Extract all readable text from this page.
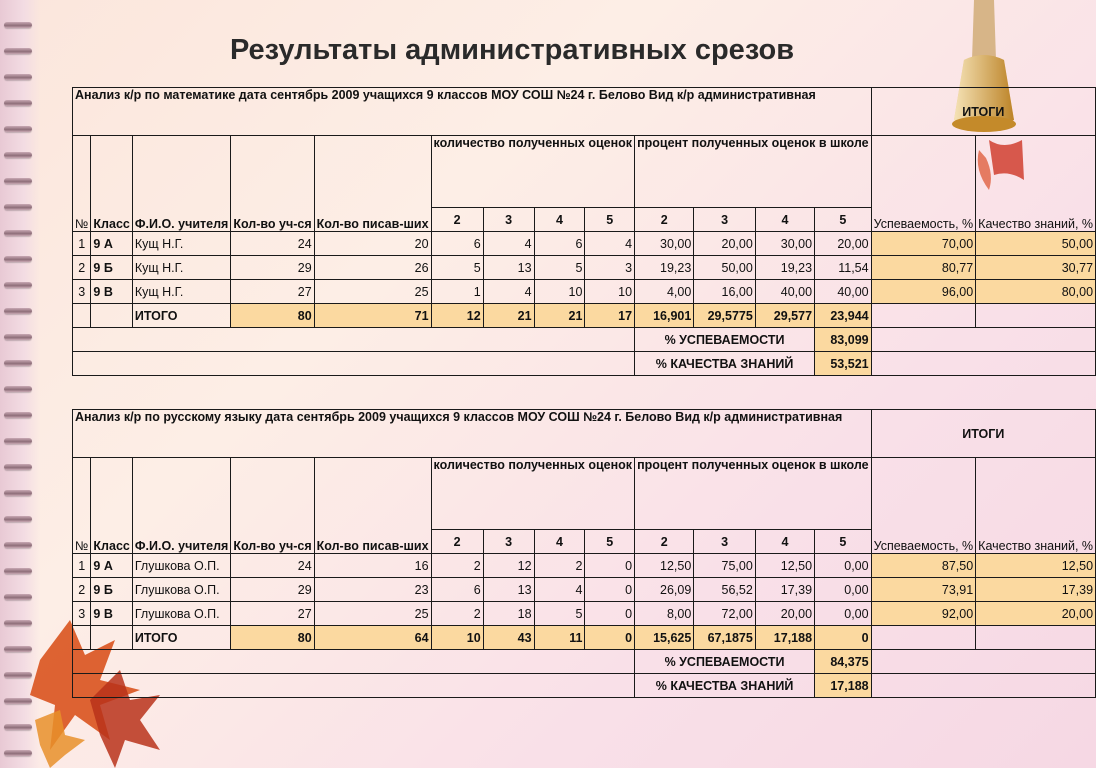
Результаты административных срезов
Анализ к/р по математике дата сентябрь 2009 учащихся 9 классов МОУ СОШ №24 г. Белово Вид к/р административная													ИТОГИ	
№	Класс	Ф.И.О. учителя	Кол-во уч-ся	Кол-во писав-ших	количество полученных оценок				процент полученных оценок в школе				Успеваемость, %	Качество знаний, %
					2	3	4	5	2	3	4	5		
1	9 А	Кущ Н.Г.	24	20	6	4	6	4	30,00	20,00	30,00	20,00	70,00	50,00
2	9 Б	Кущ Н.Г.	29	26	5	13	5	3	19,23	50,00	19,23	11,54	80,77	30,77
3	9 В	Кущ Н.Г.	27	25	1	4	10	10	4,00	16,00	40,00	40,00	96,00	80,00
		ИТОГО	80	71	12	21	21	17	16,901	29,5775	29,577	23,944		
									% УСПЕВАЕМОСТИ			83,099		
									% КАЧЕСТВА ЗНАНИЙ			53,521		
Анализ к/р по русскому языку дата сентябрь 2009 учащихся 9 классов МОУ СОШ №24 г. Белово Вид к/р административная													ИТОГИ	
№	Класс	Ф.И.О. учителя	Кол-во уч-ся	Кол-во писав-ших	количество полученных оценок				процент полученных оценок в школе				Успеваемость, %	Качество знаний, %
					2	3	4	5	2	3	4	5		
1	9 А	Глушкова О.П.	24	16	2	12	2	0	12,50	75,00	12,50	0,00	87,50	12,50
2	9 Б	Глушкова О.П.	29	23	6	13	4	0	26,09	56,52	17,39	0,00	73,91	17,39
3	9 В	Глушкова О.П.	27	25	2	18	5	0	8,00	72,00	20,00	0,00	92,00	20,00
		ИТОГО	80	64	10	43	11	0	15,625	67,1875	17,188	0		
									% УСПЕВАЕМОСТИ			84,375		
									% КАЧЕСТВА ЗНАНИЙ			17,188		
